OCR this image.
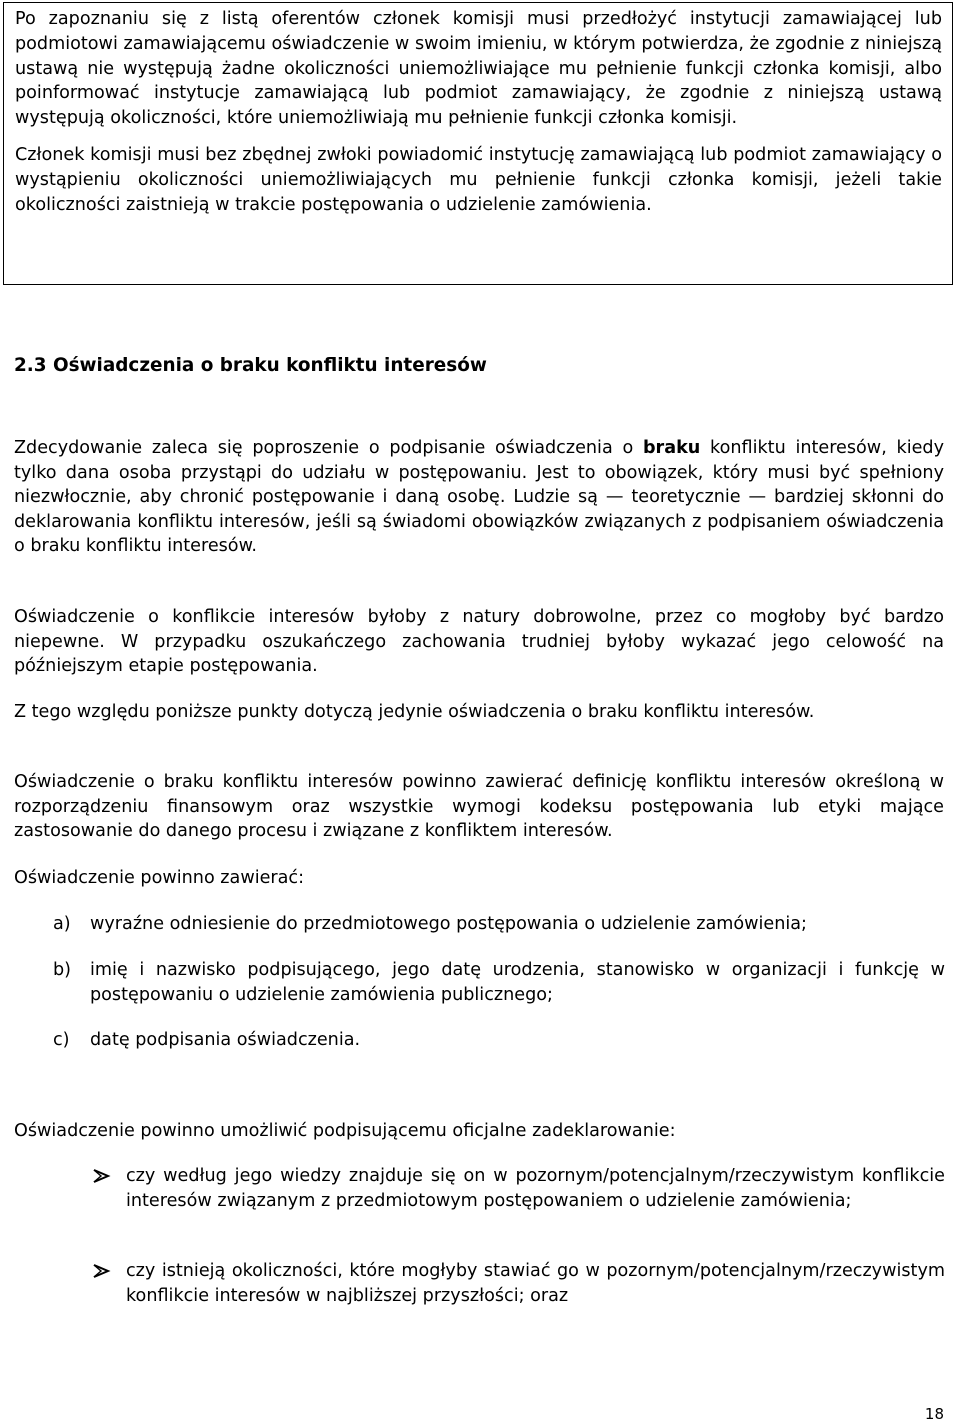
Po zapoznaniu się z listą oferentów członek komisji musi przedłożyć instytucji zamawiającej lub podmiotowi zamawiającemu oświadczenie w swoim imieniu, w którym potwierdza, że zgodnie z niniejszą ustawą nie występują żadne okoliczności uniemożliwiające mu pełnienie funkcji członka komisji, albo poinformować instytucje zamawiającą lub podmiot zamawiający, że zgodnie z niniejszą ustawą występują okoliczności, które uniemożliwiają mu pełnienie funkcji członka komisji.

Członek komisji musi bez zbędnej zwłoki powiadomić instytucję zamawiającą lub podmiot zamawiający o wystąpieniu okoliczności uniemożliwiających mu pełnienie funkcji członka komisji, jeżeli takie okoliczności zaistnieją w trakcie postępowania o udzielenie zamówienia.

2.3 Oświadczenia o braku konfliktu interesów

Zdecydowanie zaleca się poproszenie o podpisanie oświadczenia o braku konfliktu interesów, kiedy tylko dana osoba przystąpi do udziału w postępowaniu. Jest to obowiązek, który musi być spełniony niezwłocznie, aby chronić postępowanie i daną osobę. Ludzie są — teoretycznie — bardziej skłonni do deklarowania konfliktu interesów, jeśli są świadomi obowiązków związanych z podpisaniem oświadczenia o braku konfliktu interesów.

Oświadczenie o konflikcie interesów byłoby z natury dobrowolne, przez co mogłoby być bardzo niepewne. W przypadku oszukańczego zachowania trudniej byłoby wykazać jego celowość na późniejszym etapie postępowania.

Z tego względu poniższe punkty dotyczą jedynie oświadczenia o braku konfliktu interesów.

Oświadczenie o braku konfliktu interesów powinno zawierać definicję konfliktu interesów określoną w rozporządzeniu finansowym oraz wszystkie wymogi kodeksu postępowania lub etyki mające zastosowanie do danego procesu i związane z konfliktem interesów.

Oświadczenie powinno zawierać:

a) wyraźne odniesienie do przedmiotowego postępowania o udzielenie zamówienia;
b) imię i nazwisko podpisującego, jego datę urodzenia, stanowisko w organizacji i funkcję w postępowaniu o udzielenie zamówienia publicznego;
c) datę podpisania oświadczenia.

Oświadczenie powinno umożliwić podpisującemu oficjalne zadeklarowanie:

czy według jego wiedzy znajduje się on w pozornym/potencjalnym/rzeczywistym konflikcie interesów związanym z przedmiotowym postępowaniem o udzielenie zamówienia;
czy istnieją okoliczności, które mogłyby stawiać go w pozornym/potencjalnym/rzeczywistym konflikcie interesów w najbliższej przyszłości; oraz
18
